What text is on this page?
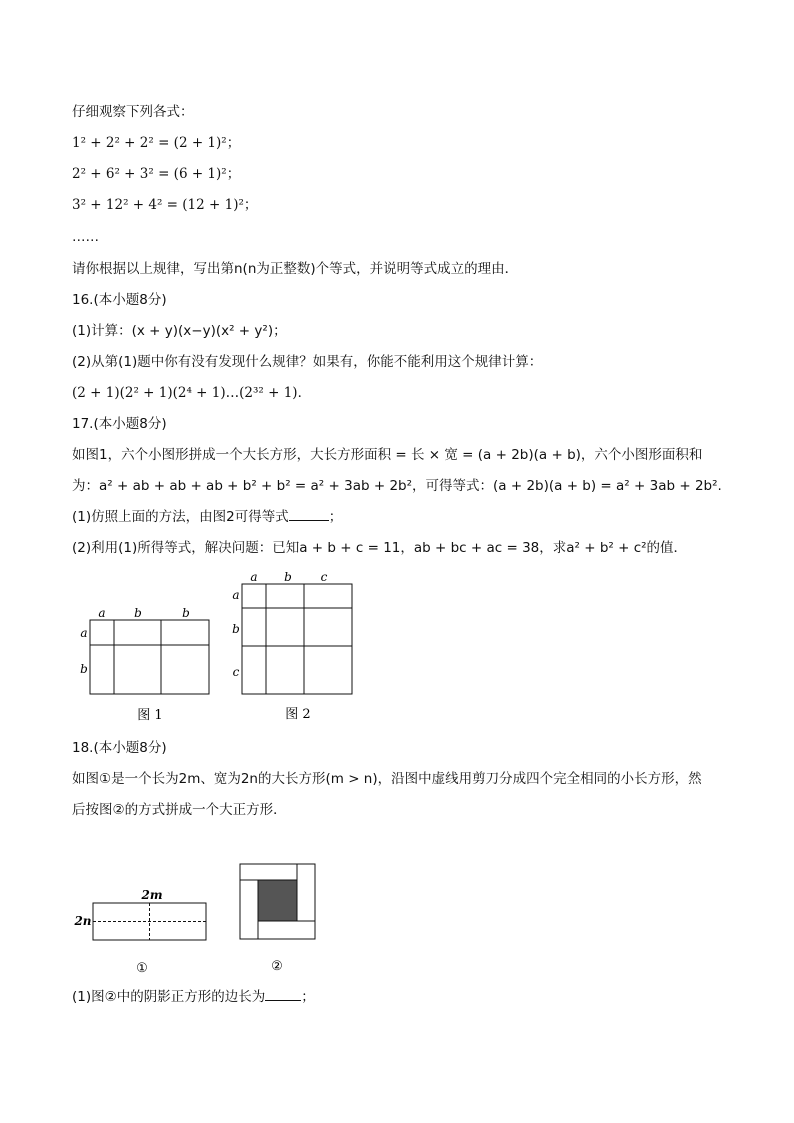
仔细观察下列各式：
1² + 2² + 2² = (2 + 1)²；
2² + 6² + 3² = (6 + 1)²；
3² + 12² + 4² = (12 + 1)²；
……
请你根据以上规律，写出第n(n为正整数)个等式，并说明等式成立的理由．
16.(本小题8分)
(1)计算：(x + y)(x−y)(x² + y²)；
(2)从第(1)题中你有没有发现什么规律？如果有，你能不能利用这个规律计算：
(2 + 1)(2² + 1)(2⁴ + 1)…(2³² + 1)．
17.(本小题8分)
如图1，六个小图形拼成一个大长方形，大长方形面积 = 长 × 宽 = (a + 2b)(a + b)，六个小图形面积和
为：a² + ab + ab + ab + b² + b² = a² + 3ab + 2b²，可得等式：(a + 2b)(a + b) = a² + 3ab + 2b².
(1)仿照上面的方法，由图2可得等式	；
(2)利用(1)所得等式，解决问题：已知a + b + c = 11，ab + bc + ac = 38，求a² + b² + c²的值．
a b	b
a
b
图 1
a b c
a
b
c
图 2
18.(本小题8分)
如图①是一个长为2m、宽为2n的大长方形(m > n)，沿图中虚线用剪刀分成四个完全相同的小长方形，然
后按图②的方式拼成一个大正方形．
2m
2n
①	②
(1)图②中的阴影正方形的边长为	；
